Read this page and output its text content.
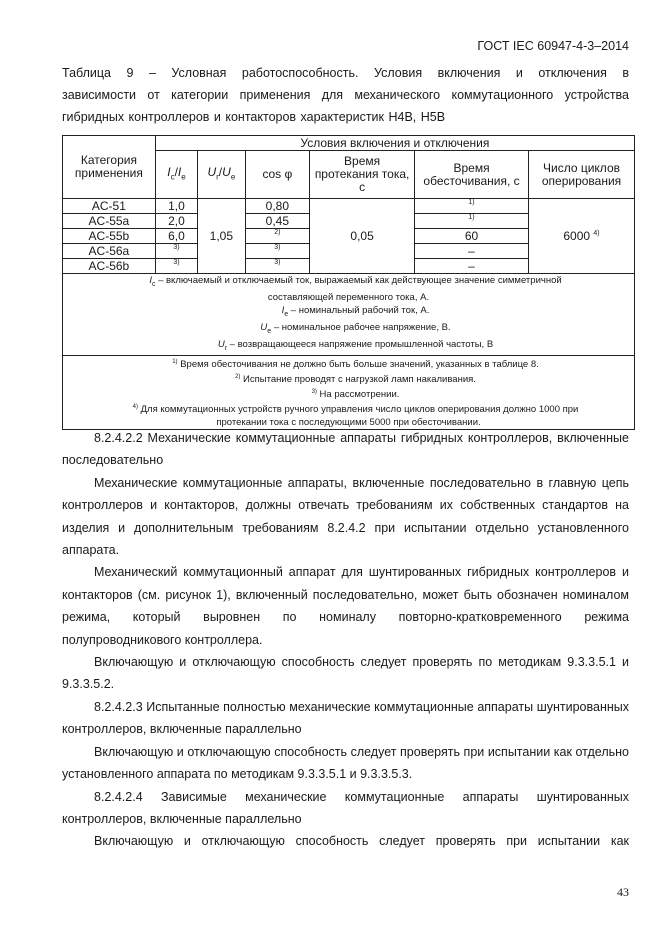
ГОСТ IEC 60947-4-3–2014
Таблица 9 – Условная работоспособность. Условия включения и отключения в
зависимости от категории применения для механического коммутационного устройства
гибридных контроллеров и контакторов характеристик H4B, H5B
Категория применения	Условия включения и отключения					
	$I_c/I_e$	$U_r/U_e$	cos φ	Время протекания тока, с	Время обесточивания, с	Число циклов оперирования
AC-51	1,0	1,05	0,80	0,05	1)	6000 $^{4)}$
AC-55a	2,0		0,45		1)	

AC-55b	6,0		2)		60	
AC-56a	3)		3)		–	
AC-56b	3)		3)		–	

$I_c$ – включаемый и отключаемый ток, выражаемый как действующее значение симметричной
составляющей переменного тока, А.
$I_e$ – номинальный рабочий ток, А.
$U_e$ – номинальное рабочее напряжение, В.
$U_r$ – возвращающееся напряжение промышленной частоты, В						

$^{1)}$ Время обесточивания не должно быть больше значений, указанных в таблице 8.
$^{2)}$ Испытание проводят с нагрузкой ламп накаливания.
$^{3)}$ На рассмотрении.
$^{4)}$ Для коммутационных устройств ручного управления число циклов оперирования должно 1000 при
протекании тока с последующими 5000 при обесточивании.						

8.2.4.2.2 Механические коммутационные аппараты гибридных контроллеров, включенные последовательно

Механические коммутационные аппараты, включенные последовательно в главную цепь контроллеров и контакторов, должны отвечать требованиям их собственных стандартов на изделия и дополнительным требованиям 8.2.4.2 при испытании отдельно установленного аппарата.

Механический коммутационный аппарат для шунтированных гибридных контроллеров и контакторов (см. рисунок 1), включенный последовательно, может быть обозначен номиналом режима, который выровнен по номиналу повторно-кратковременного режима полупроводникового контроллера.

Включающую и отключающую способность следует проверять по методикам 9.3.3.5.1 и 9.3.3.5.2.

8.2.4.2.3 Испытанные полностью механические коммутационные аппараты шунтированных контроллеров, включенные параллельно

Включающую и отключающую способность следует проверять при испытании как отдельно установленного аппарата по методикам 9.3.3.5.1 и 9.3.3.5.3.

8.2.4.2.4 Зависимые механические коммутационные аппараты шунтированных контроллеров, включенные параллельно

Включающую и отключающую способность следует проверять при испытании как

43
